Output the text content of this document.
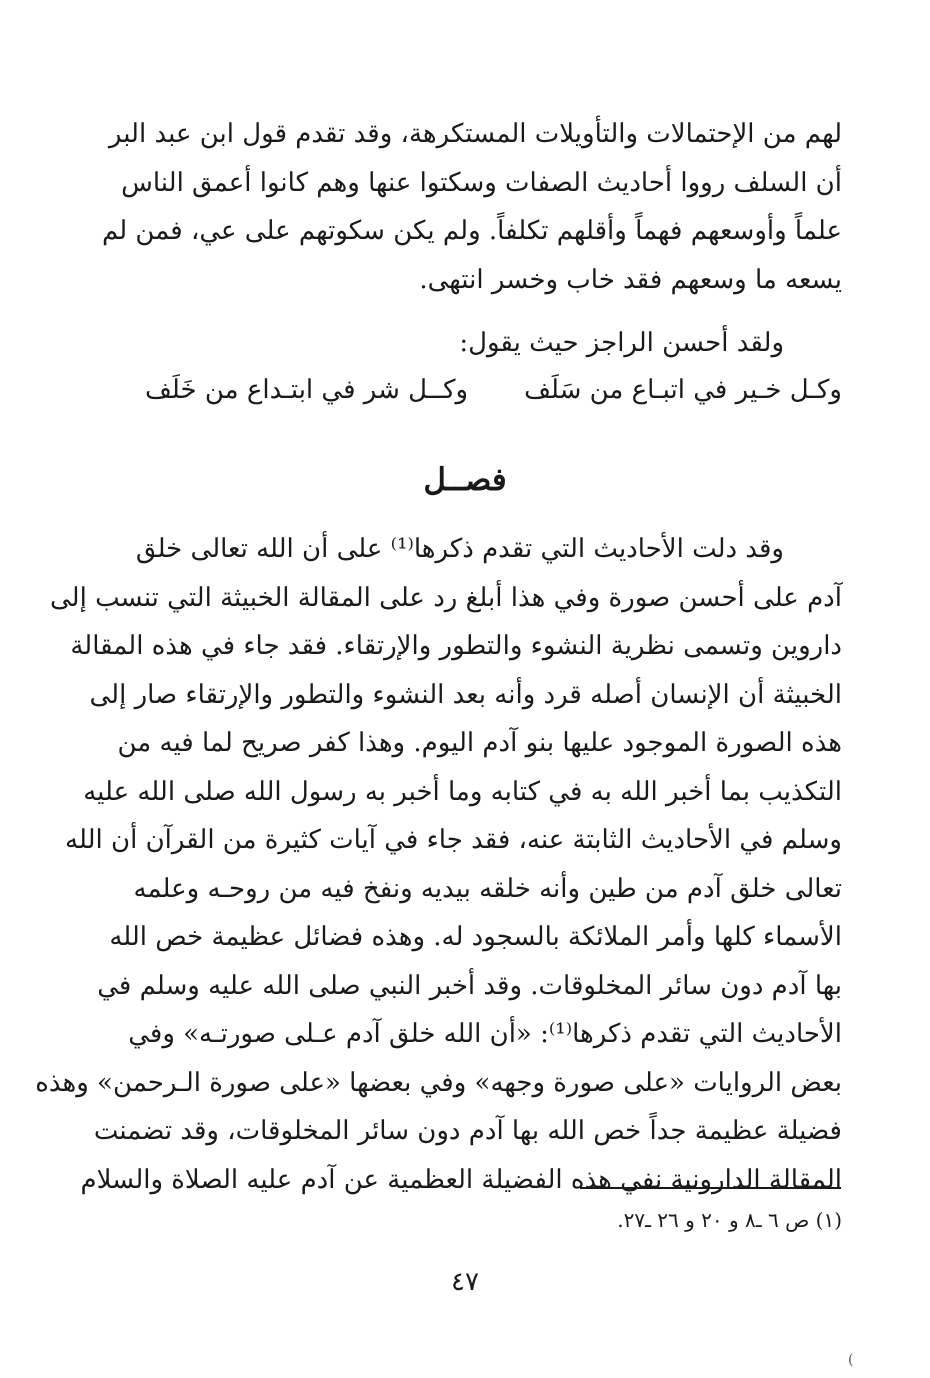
لهم من الإحتمالات والتأويلات المستكرهة، وقد تقدم قول ابن عبد البر
أن السلف رووا أحاديث الصفات وسكتوا عنها وهم كانوا أعمق الناس
علماً وأوسعهم فهماً وأقلهم تكلفاً. ولم يكن سكوتهم على عي، فمن لم
يسعه ما وسعهم فقد خاب وخسر انتهى.
ولقد أحسن الراجز حيث يقول:
وكـل خـير في اتبـاع من سَلَف
وكــل شر في ابتـداع من خَلَف
فصــل
وقد دلت الأحاديث التي تقدم ذكرها⁽¹⁾ على أن الله تعالى خلق
آدم على أحسن صورة وفي هذا أبلغ رد على المقالة الخبيثة التي تنسب إلى
داروين وتسمى نظرية النشوء والتطور والإرتقاء. فقد جاء في هذه المقالة
الخبيثة أن الإنسان أصله قرد وأنه بعد النشوء والتطور والإرتقاء صار إلى
هذه الصورة الموجود عليها بنو آدم اليوم. وهذا كفر صريح لما فيه من
التكذيب بما أخبر الله به في كتابه وما أخبر به رسول الله صلى الله عليه
وسلم في الأحاديث الثابتة عنه، فقد جاء في آيات كثيرة من القرآن أن الله
تعالى خلق آدم من طين وأنه خلقه بيديه ونفخ فيه من روحـه وعلمه
الأسماء كلها وأمر الملائكة بالسجود له. وهذه فضائل عظيمة خص الله
بها آدم دون سائر المخلوقات. وقد أخبر النبي صلى الله عليه وسلم في
الأحاديث التي تقدم ذكرها⁽¹⁾: «أن الله خلق آدم عـلى صورتـه» وفي
بعض الروايات «على صورة وجهه» وفي بعضها «على صورة الـرحمن» وهذه
فضيلة عظيمة جداً خص الله بها آدم دون سائر المخلوقات، وقد تضمنت
المقالة الدارونية نفي هذه الفضيلة العظمية عن آدم عليه الصلاة والسلام
(١) ص ٦ ـ٨ و ٢٠ و ٢٦ ـ٢٧.
٤٧
(
